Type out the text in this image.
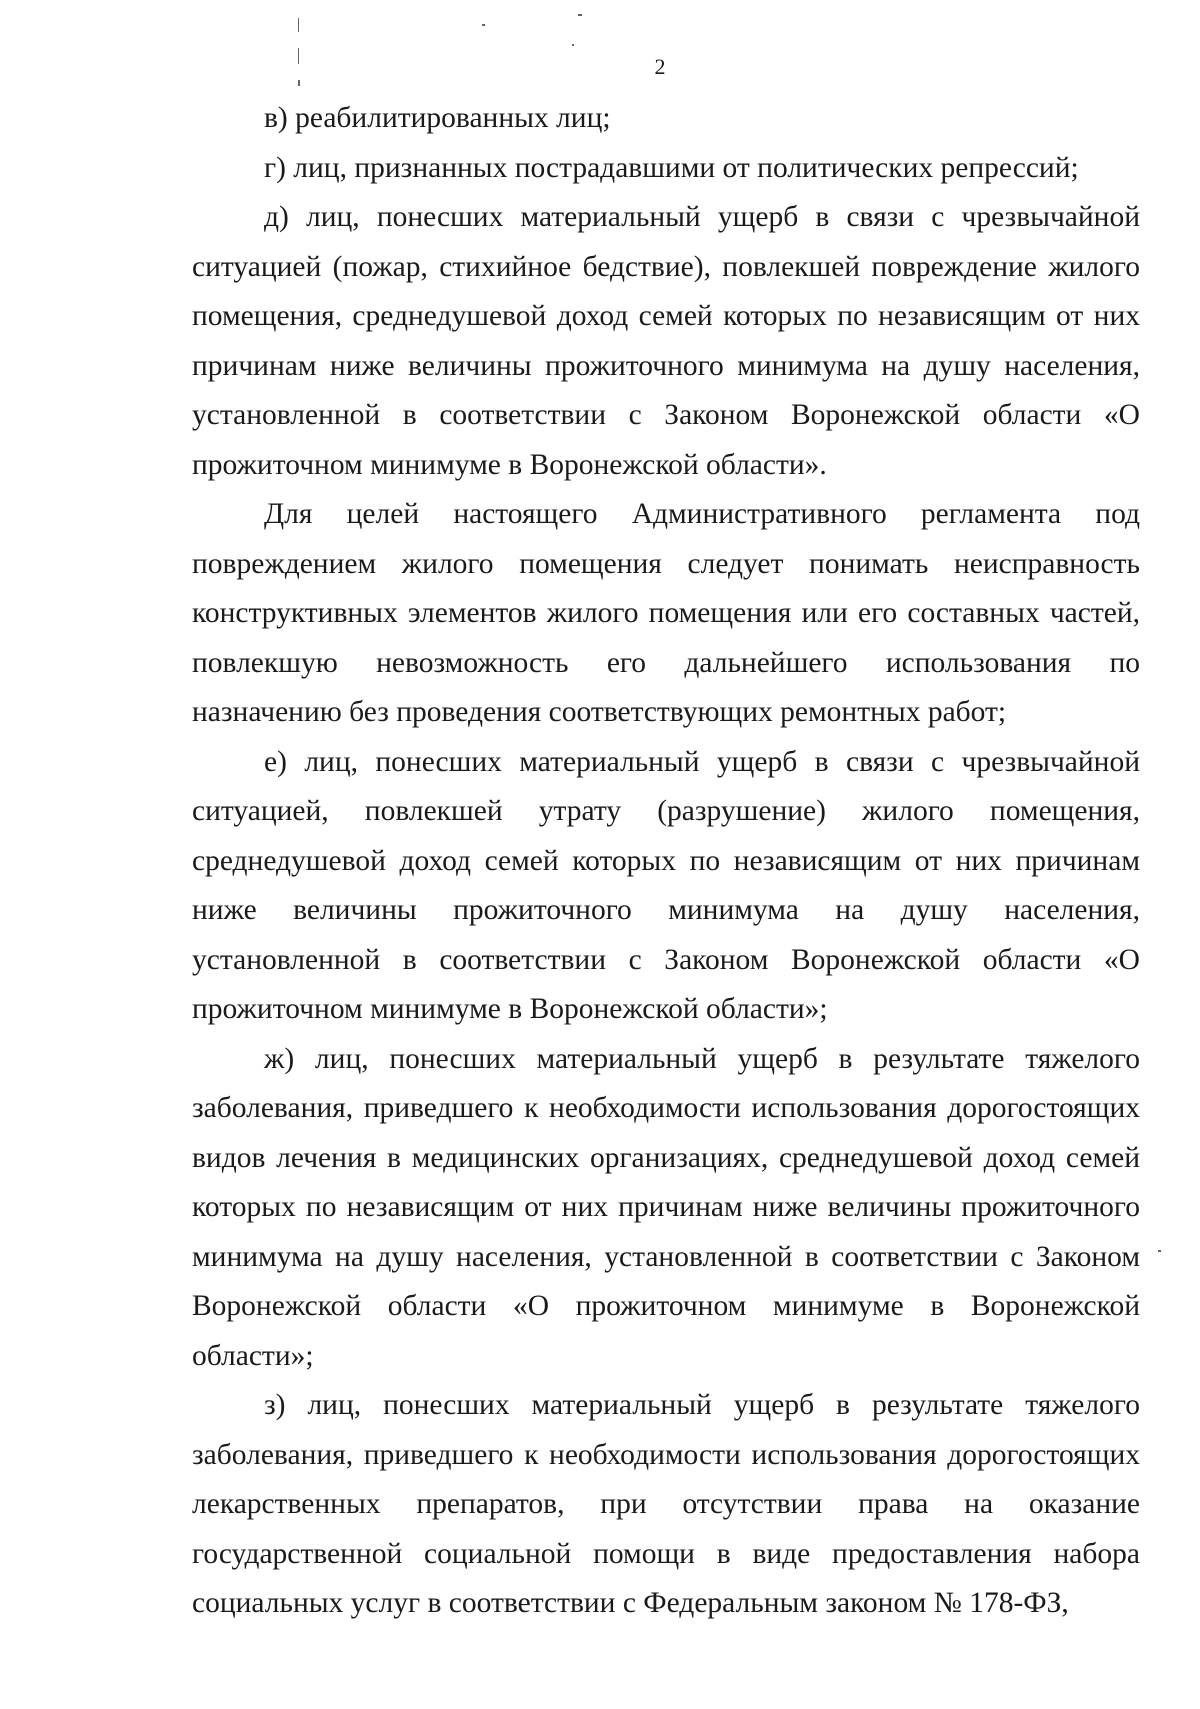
2

в) реабилитированных лиц;

г) лиц, признанных пострадавшими от политических репрессий;

д) лиц, понесших материальный ущерб в связи с чрезвычайной ситуацией (пожар, стихийное бедствие), повлекшей повреждение жилого помещения, среднедушевой доход семей которых по независящим от них причинам ниже величины прожиточного минимума на душу населения, установленной в соответствии с Законом Воронежской области «О прожиточном минимуме в Воронежской области».

Для целей настоящего Административного регламента под повреждением жилого помещения следует понимать неисправность конструктивных элементов жилого помещения или его составных частей, повлекшую невозможность его дальнейшего использования по назначению без проведения соответствующих ремонтных работ;

е) лиц, понесших материальный ущерб в связи с чрезвычайной ситуацией, повлекшей утрату (разрушение) жилого помещения, среднедушевой доход семей которых по независящим от них причинам ниже величины прожиточного минимума на душу населения, установленной в соответствии с Законом Воронежской области «О прожиточном минимуме в Воронежской области»;

ж) лиц, понесших материальный ущерб в результате тяжелого заболевания, приведшего к необходимости использования дорогостоящих видов лечения в медицинских организациях, среднедушевой доход семей которых по независящим от них причинам ниже величины прожиточного минимума на душу населения, установленной в соответствии с Законом Воронежской области «О прожиточном минимуме в Воронежской области»;

з) лиц, понесших материальный ущерб в результате тяжелого заболевания, приведшего к необходимости использования дорогостоящих лекарственных препаратов, при отсутствии права на оказание государственной социальной помощи в виде предоставления набора социальных услуг в соответствии с Федеральным законом № 178-ФЗ,
